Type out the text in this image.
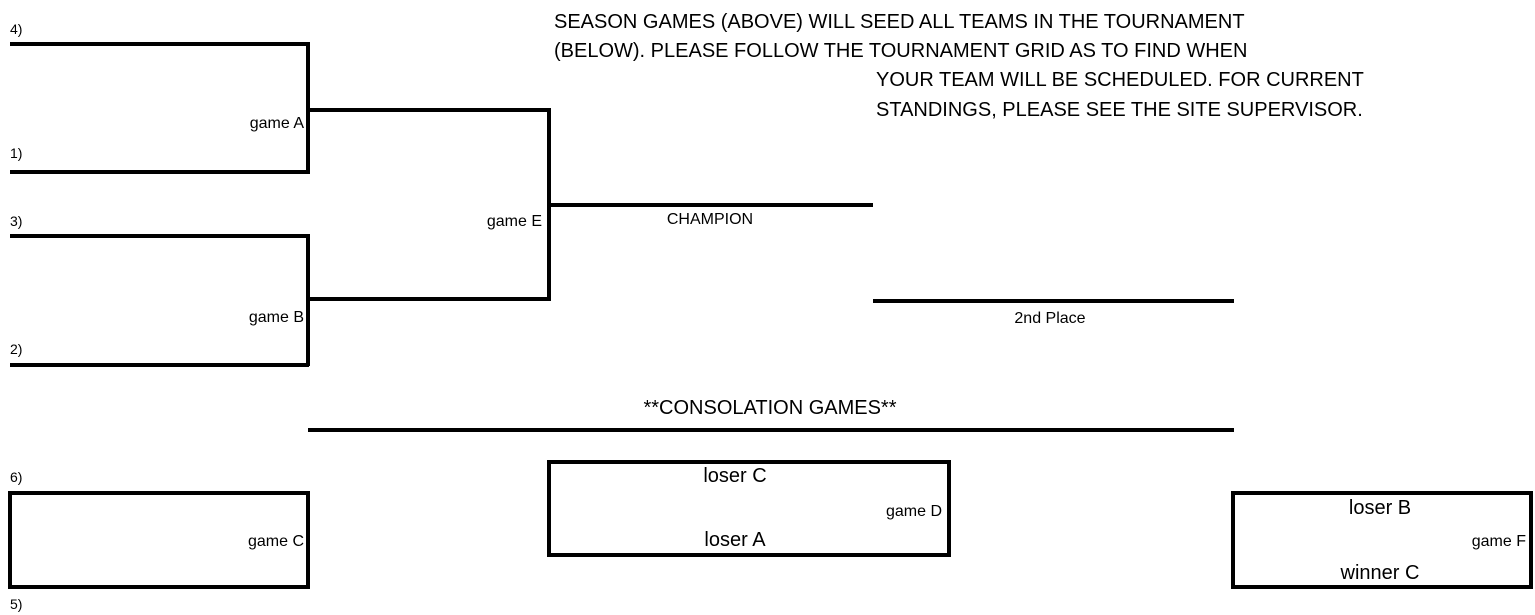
SEASON GAMES (ABOVE) WILL SEED ALL TEAMS IN THE TOURNAMENT
(BELOW). PLEASE FOLLOW THE TOURNAMENT GRID AS TO FIND WHEN
YOUR TEAM WILL BE SCHEDULED. FOR CURRENT
STANDINGS, PLEASE SEE THE SITE SUPERVISOR.
4)
game A
1)
3)
game B
2)
game E	CHAMPION
2nd Place
**CONSOLATION GAMES**
6)
game C
5)
loser C
loser A
game D	loser B
winner C
game F
